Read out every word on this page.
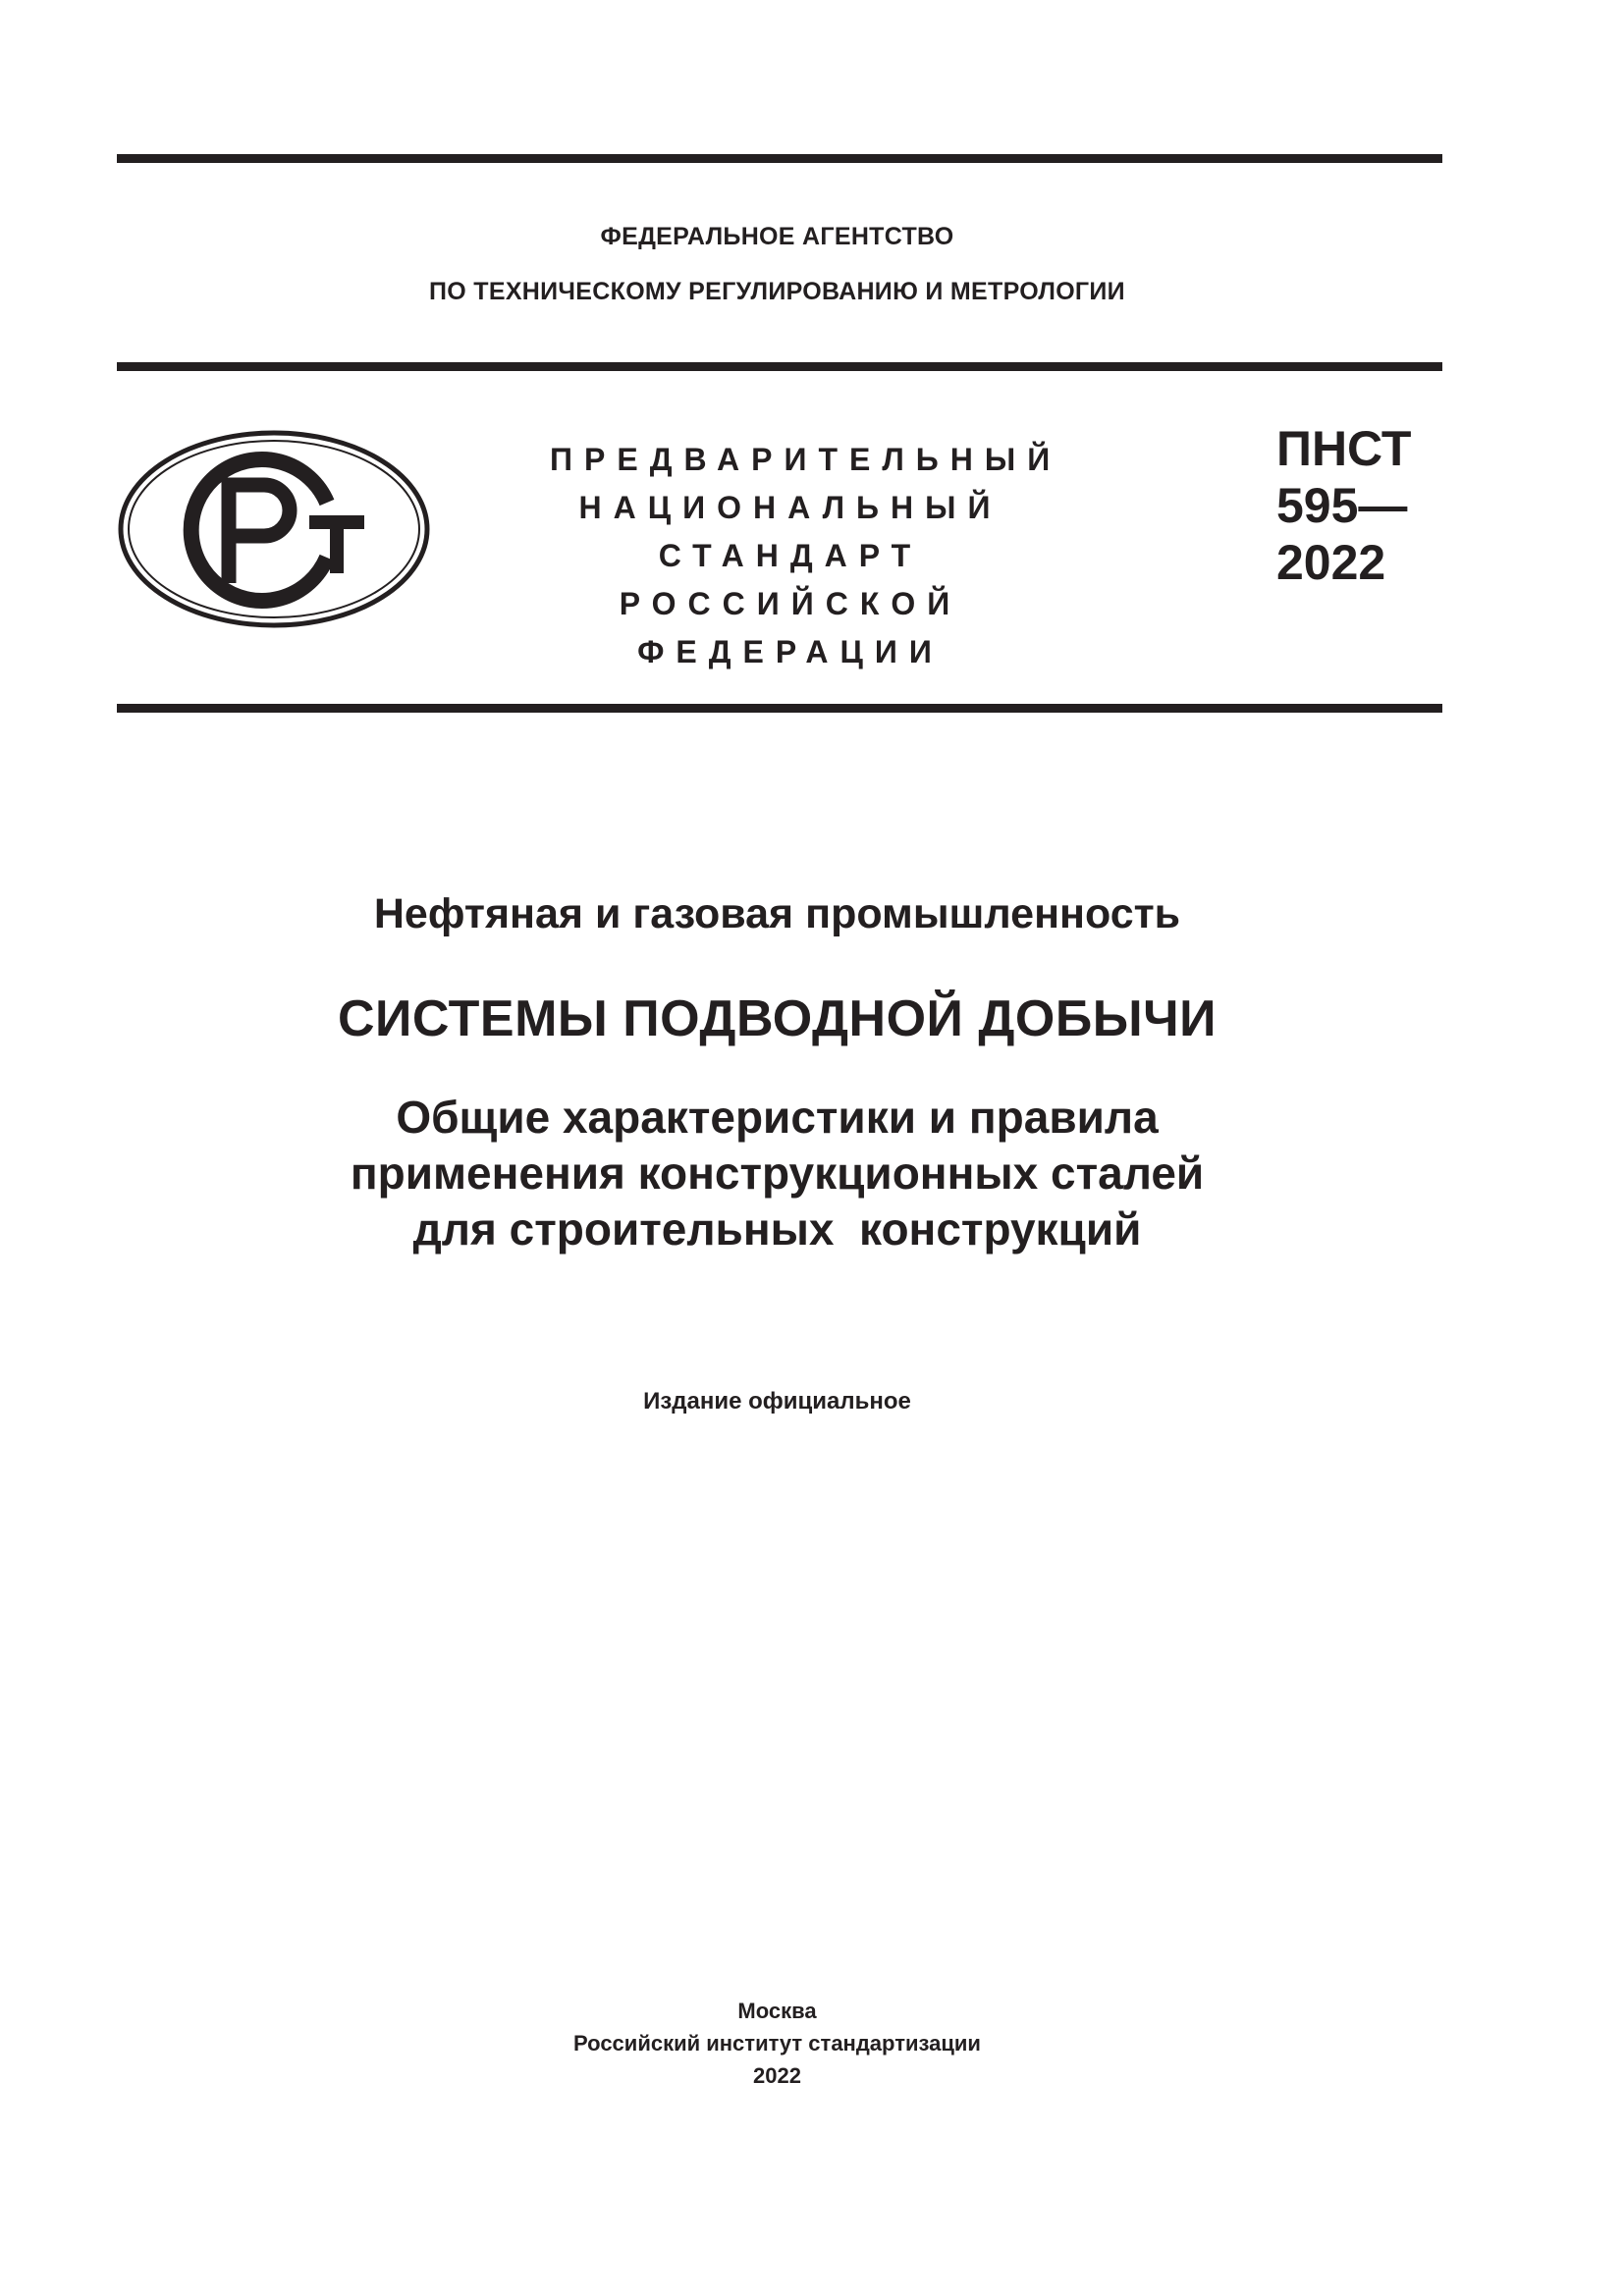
ФЕДЕРАЛЬНОЕ АГЕНТСТВО
ПО ТЕХНИЧЕСКОМУ РЕГУЛИРОВАНИЮ И МЕТРОЛОГИИ
ПРЕДВАРИТЕЛЬНЫЙ
НАЦИОНАЛЬНЫЙ
СТАНДАРТ
РОССИЙСКОЙ
ФЕДЕРАЦИИ
ПНСТ
595—
2022
Нефтяная и газовая промышленность
СИСТЕМЫ ПОДВОДНОЙ ДОБЫЧИ
Общие характеристики и правила
применения конструкционных сталей
для строительных  конструкций
Издание официальное
Москва
Российский институт стандартизации
2022
